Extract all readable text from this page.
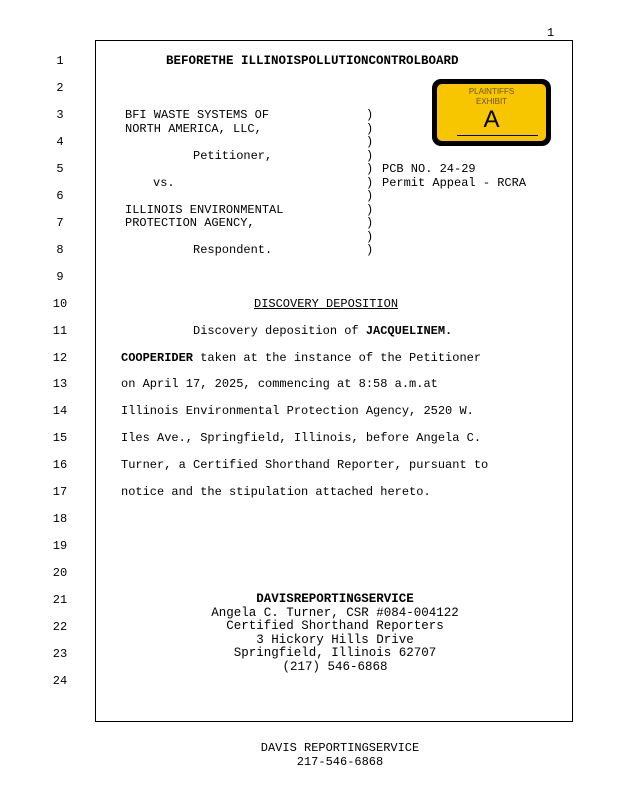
1
1
2
3
4
5
6
7
8
9
10
11
12
13
14
15
16
17
18
19
20
21
22
23
24
BEFORETHE ILLINOISPOLLUTIONCONTROLBOARD
PLAINTIFFS
EXHIBIT
A
BFI WASTE SYSTEMS OF
NORTH AMERICA, LLC,
Petitioner,
vs.
ILLINOIS ENVIRONMENTAL
PROTECTION AGENCY,
Respondent.
)
)
)
)
)
)
)
)
)
)
)
PCB NO. 24-29
Permit Appeal - RCRA
DISCOVERY DEPOSITION
Discovery deposition of JACQUELINEM.
COOPERIDER taken at the instance of the Petitioner
on April 17, 2025, commencing at 8:58 a.m.at
Illinois Environmental Protection Agency, 2520 W.
Iles Ave., Springfield, Illinois, before Angela C.
Turner, a Certified Shorthand Reporter, pursuant to
notice and the stipulation attached hereto.
DAVISREPORTINGSERVICE
Angela C. Turner, CSR #084-004122
Certified Shorthand Reporters
3 Hickory Hills Drive
Springfield, Illinois 62707
(217) 546-6868
DAVIS REPORTINGSERVICE
217-546-6868
